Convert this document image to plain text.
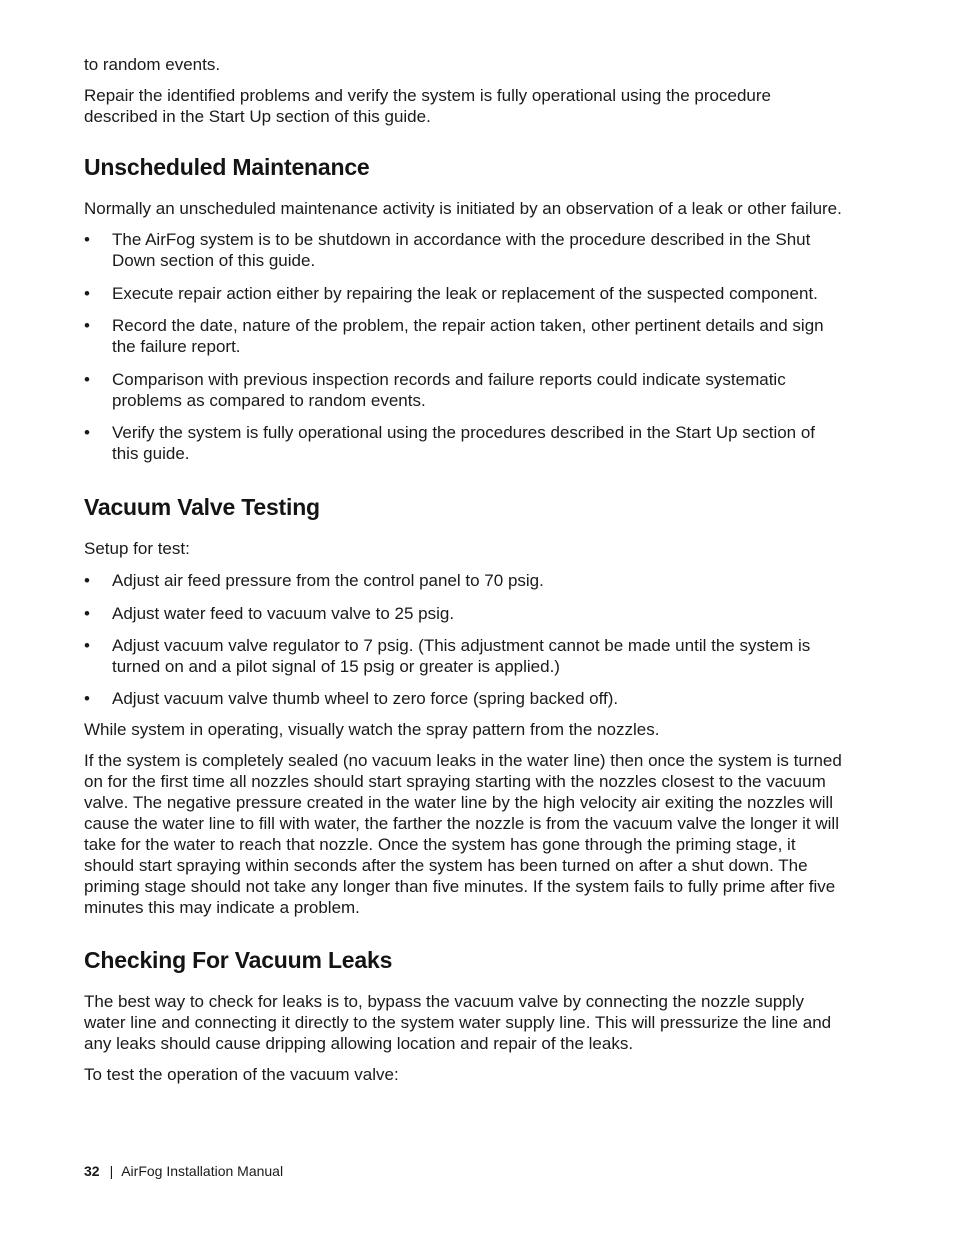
to random events.

Repair the identified problems and verify the system is fully operational using the procedure described in the Start Up section of this guide.

Unscheduled Maintenance

Normally an unscheduled maintenance activity is initiated by an observation of a leak or other failure.

• The AirFog system is to be shutdown in accordance with the procedure described in the Shut Down section of this guide.
• Execute repair action either by repairing the leak or replacement of the suspected component.
• Record the date, nature of the problem, the repair action taken, other pertinent details and sign the failure report.
• Comparison with previous inspection records and failure reports could indicate systematic problems as compared to random events.
• Verify the system is fully operational using the procedures described in the Start Up section of this guide.
Vacuum Valve Testing

Setup for test:

• Adjust air feed pressure from the control panel to 70 psig.
• Adjust water feed to vacuum valve to 25 psig.
• Adjust vacuum valve regulator to 7 psig. (This adjustment cannot be made until the system is turned on and a pilot signal of 15 psig or greater is applied.)
• Adjust vacuum valve thumb wheel to zero force (spring backed off).

While system in operating, visually watch the spray pattern from the nozzles.

If the system is completely sealed (no vacuum leaks in the water line) then once the system is turned on for the first time all nozzles should start spraying starting with the nozzles closest to the vacuum valve. The negative pressure created in the water line by the high velocity air exiting the nozzles will cause the water line to fill with water, the farther the nozzle is from the vacuum valve the longer it will take for the water to reach that nozzle. Once the system has gone through the priming stage, it should start spraying within seconds after the system has been turned on after a shut down. The priming stage should not take any longer than five minutes. If the system fails to fully prime after five minutes this may indicate a problem.

Checking For Vacuum Leaks

The best way to check for leaks is to, bypass the vacuum valve by connecting the nozzle supply water line and connecting it directly to the system water supply line. This will pressurize the line and any leaks should cause dripping allowing location and repair of the leaks.

To test the operation of the vacuum valve:

32 | AirFog Installation Manual
